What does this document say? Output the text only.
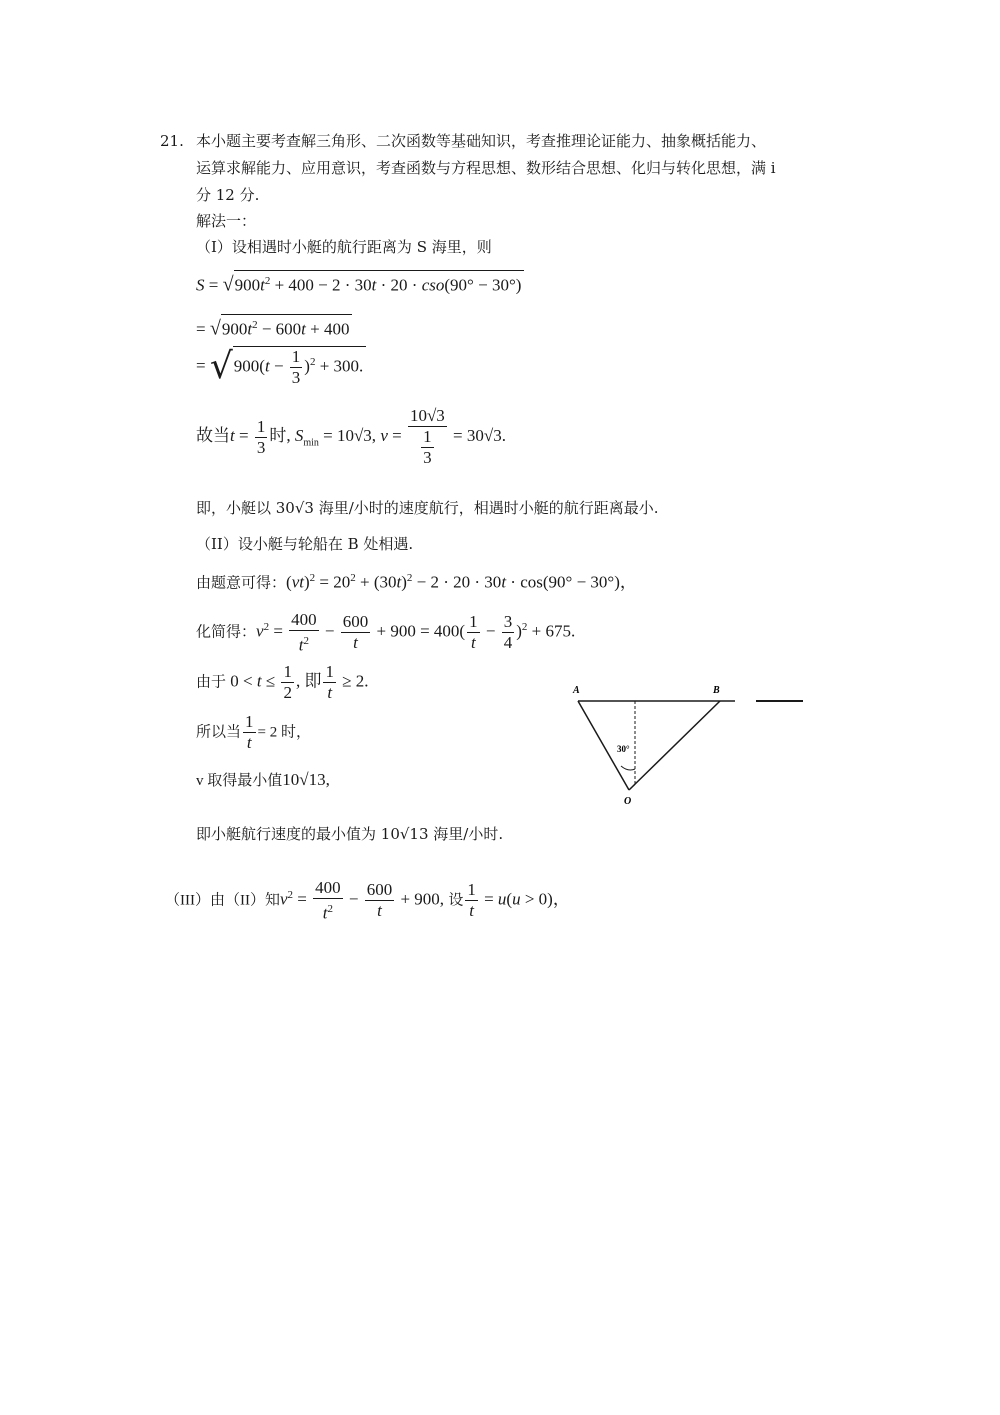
21. 本小题主要考查解三角形、二次函数等基础知识，考查推理论证能力、抽象概括能力、
运算求解能力、应用意识，考查函数与方程思想、数形结合思想、化归与转化思想，满 i
分 12 分.
解法一：
（I）设相遇时小艇的航行距离为 S 海里，则
$S = √900t^2 + 400 - 2 \cdot 30t \cdot 20 \cdot cso(90^\circ - 30^\circ)$
= $√900t^2 - 600t + 400$
= $√900(t - \frac{1}{3} )^2 + 300$.
故当$t = \frac{1}{3}$ 时, $S_{min} = 10√3$, $v = \frac{10√3}{\frac{1}{3}} = 30√3$.
即，小艇以 30√3 海里/小时的速度航行，相遇时小艇的航行距离最小.
（II）设小艇与轮船在 B 处相遇.
由题意可得：$(vt)^2 = 20^2 + (30t)^2 - 2 \cdot 20 \cdot 30t \cdot \cos(90^\circ - 30^\circ)$，
化简得：$v^2 = \frac{400}{t^2} - \frac{600}{t} + 900 = 400( \frac{1}{t} - \frac{3}{4} )^2 + 675$.
由于 $0 < t \le \frac{1}{2}$ , 即 $\frac{1}{t} \ge 2$.
所以当 $\frac{1}{t} = 2$ 时，
v 取得最小值10√13,
即小艇航行速度的最小值为 10√13 海里/小时.
（III）由（II）知$v^2 = \frac{400}{t^2} - \frac{600}{t} + 900$, 设 $\frac{1}{t} = u(u > 0)$，
A	B
O
30°
